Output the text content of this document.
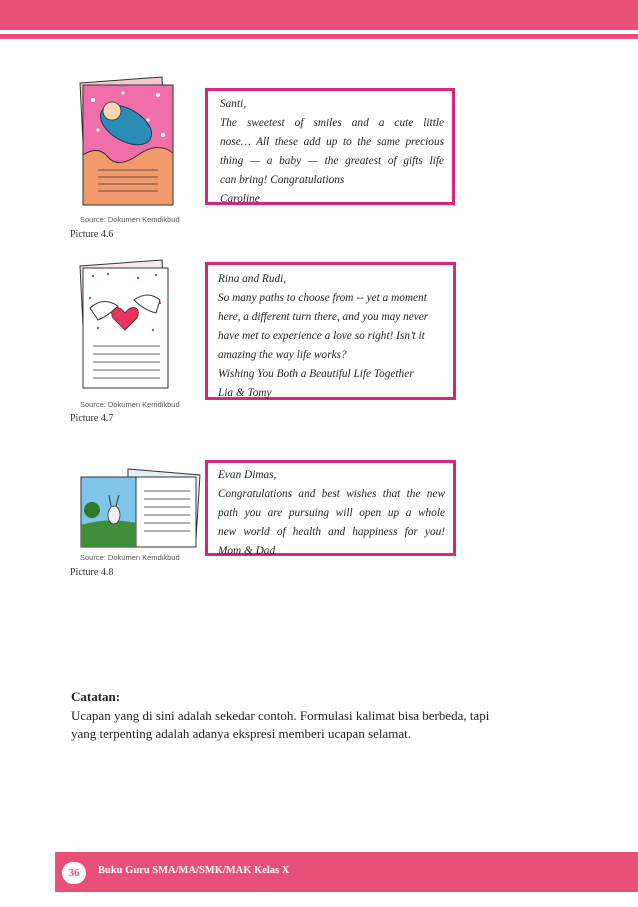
Source: Dokumen Kemdikbud
Picture 4.6
Santi,
The sweetest of smiles and a cute little
nose… All these add up to the same precious
thing — a baby — the greatest of gifts life
can bring! Congratulations
Caroline
Source: Dokumen Kemdikbud
Picture 4.7
Rina and Rudi,
So many paths to choose from -- yet a moment
here, a different turn there, and you may never
have met to experience a love so right! Isn’t it
amazing the way life works?
Wishing You Both a Beautiful Life Together
Lia & Tomy
Source: Dokumen Kemdikbud
Picture 4.8
Evan Dimas,
Congratulations and best wishes that the new
path you are pursuing will open up a whole
new world of health and happiness for you!
Mom & Dad
Catatan:
Ucapan yang di sini adalah sekedar contoh. Formulasi kalimat bisa berbeda, tapi
yang terpenting adalah adanya ekspresi memberi ucapan selamat.
36	Buku Guru SMA/MA/SMK/MAK Kelas X
